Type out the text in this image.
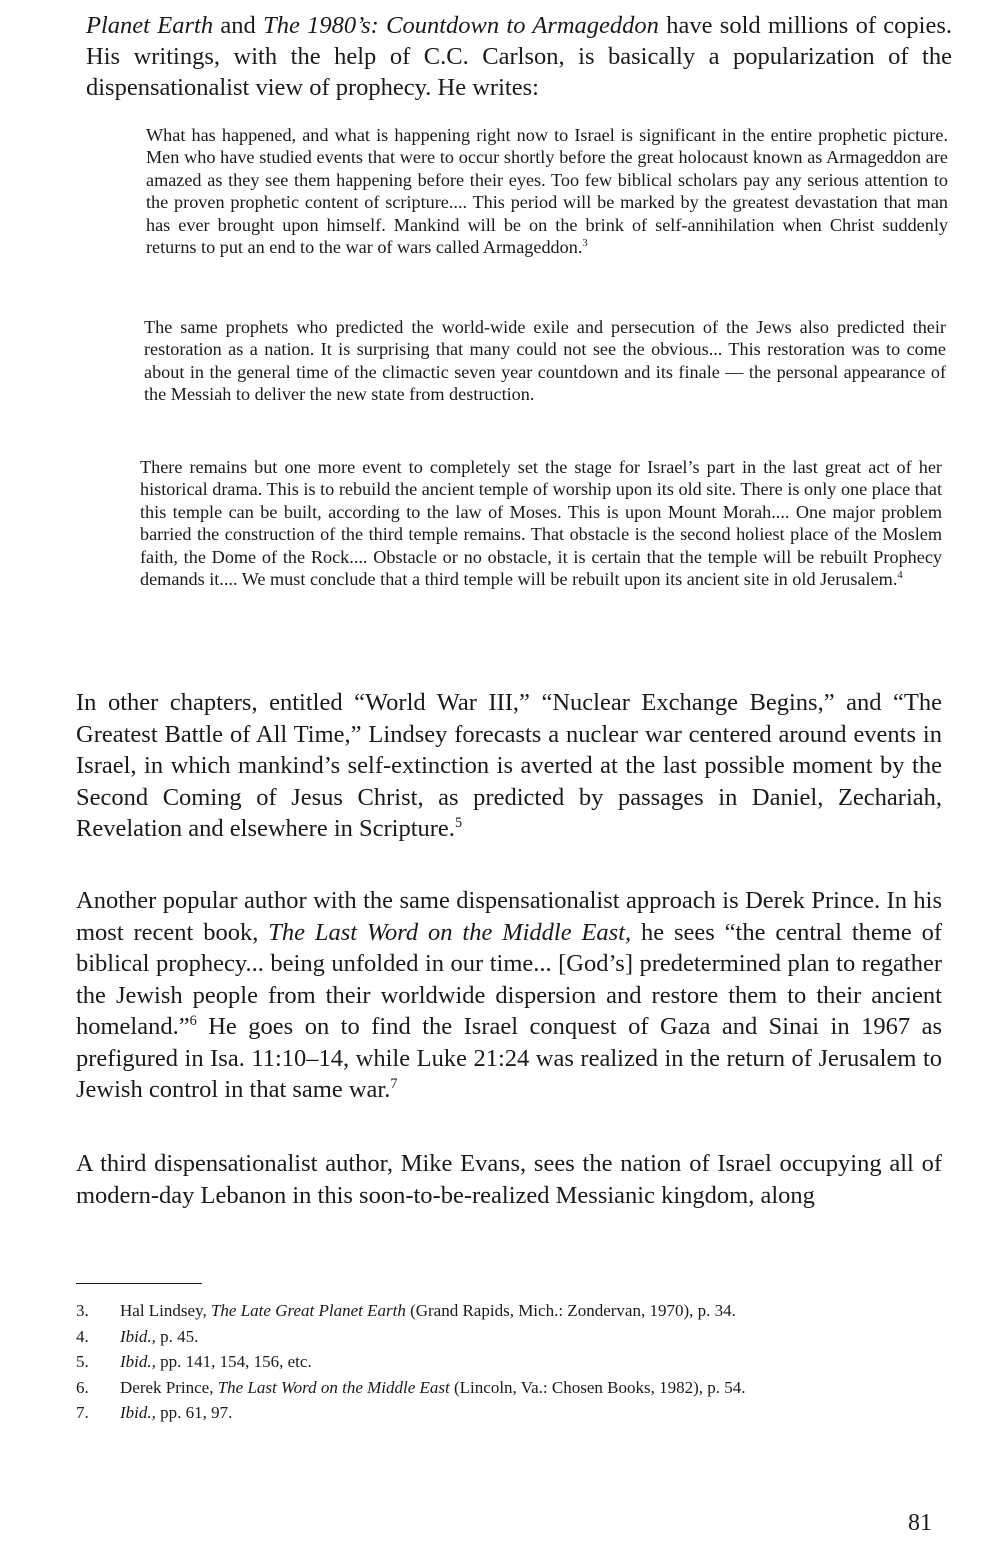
Planet Earth and The 1980’s: Countdown to Armageddon have sold millions of copies. His writings, with the help of C.C. Carlson, is basically a popularization of the dispensationalist view of prophecy. He writes:

What has happened, and what is happening right now to Israel is significant in the entire prophetic picture. Men who have studied events that were to occur shortly before the great holocaust known as Armageddon are amazed as they see them happening before their eyes. Too few biblical scholars pay any serious attention to the proven prophetic content of scripture.... This period will be marked by the greatest devastation that man has ever brought upon himself. Mankind will be on the brink of self-annihilation when Christ suddenly returns to put an end to the war of wars called Armageddon.$^3$

The same prophets who predicted the world-wide exile and persecution of the Jews also predicted their restoration as a nation. It is surprising that many could not see the obvious... This restoration was to come about in the general time of the climactic seven year countdown and its finale — the personal appearance of the Messiah to deliver the new state from destruction.

There remains but one more event to completely set the stage for Israel’s part in the last great act of her historical drama. This is to rebuild the ancient temple of worship upon its old site. There is only one place that this temple can be built, according to the law of Moses. This is upon Mount Morah.... One major problem barried the construction of the third temple remains. That obstacle is the second holiest place of the Moslem faith, the Dome of the Rock.... Obstacle or no obstacle, it is certain that the temple will be rebuilt Prophecy demands it.... We must conclude that a third temple will be rebuilt upon its ancient site in old Jerusalem.$^4$

In other chapters, entitled “World War III,” “Nuclear Exchange Begins,” and “The Greatest Battle of All Time,” Lindsey forecasts a nuclear war centered around events in Israel, in which mankind’s self-extinction is averted at the last possible moment by the Second Coming of Jesus Christ, as predicted by passages in Daniel, Zechariah, Revelation and elsewhere in Scripture.$^5$

Another popular author with the same dispensationalist approach is Derek Prince. In his most recent book, The Last Word on the Middle East, he sees “the central theme of biblical prophecy... being unfolded in our time... [God’s] predetermined plan to regather the Jewish people from their worldwide dispersion and restore them to their ancient homeland.”$^6$ He goes on to find the Israel conquest of Gaza and Sinai in 1967 as prefigured in Isa. 11:10–14, while Luke 21:24 was realized in the return of Jerusalem to Jewish control in that same war.$^7$

A third dispensationalist author, Mike Evans, sees the nation of Israel occupying all of modern-day Lebanon in this soon-to-be-realized Messianic kingdom, along

3.	Hal Lindsey, The Late Great Planet Earth (Grand Rapids, Mich.: Zondervan, 1970), p. 34.
4.	Ibid., p. 45.
5.	Ibid., pp. 141, 154, 156, etc.
6.	Derek Prince, The Last Word on the Middle East (Lincoln, Va.: Chosen Books, 1982), p. 54.
7.	Ibid., pp. 61, 97.
81
